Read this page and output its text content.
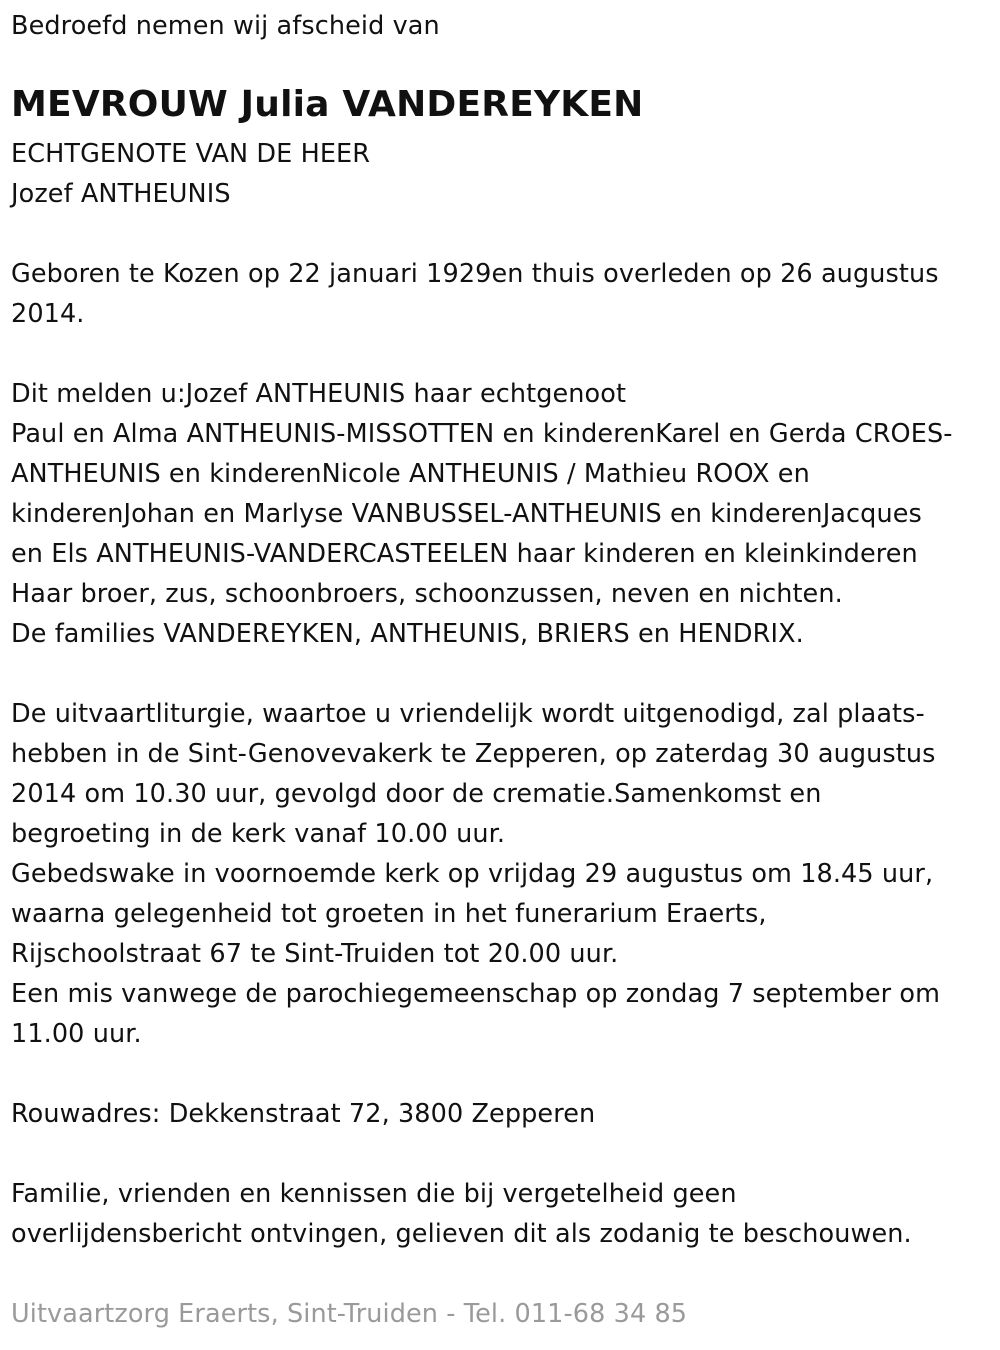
Bedroefd nemen wij afscheid van
MEVROUW Julia VANDEREYKEN
ECHTGENOTE VAN DE HEER
Jozef ANTHEUNIS
Geboren te Kozen op 22 januari 1929en thuis overleden op 26 augustus
2014.
Dit melden u:Jozef ANTHEUNIS haar echtgenoot
Paul en Alma ANTHEUNIS-MISSOTTEN en kinderenKarel en Gerda CROES-
ANTHEUNIS en kinderenNicole ANTHEUNIS / Mathieu ROOX en
kinderenJohan en Marlyse VANBUSSEL-ANTHEUNIS en kinderenJacques
en Els ANTHEUNIS-VANDERCASTEELEN haar kinderen en kleinkinderen
Haar broer, zus, schoonbroers, schoonzussen, neven en nichten.
De families VANDEREYKEN, ANTHEUNIS, BRIERS en HENDRIX.
De uitvaartliturgie, waartoe u vriendelijk wordt uitgenodigd, zal plaats-
hebben in de Sint-Genovevakerk te Zepperen, op zaterdag 30 augustus
2014 om 10.30 uur, gevolgd door de crematie.Samenkomst en
begroeting in de kerk vanaf 10.00 uur.
Gebedswake in voornoemde kerk op vrijdag 29 augustus om 18.45 uur,
waarna gelegenheid tot groeten in het funerarium Eraerts,
Rijschoolstraat 67 te Sint-Truiden tot 20.00 uur.
Een mis vanwege de parochiegemeenschap op zondag 7 september om
11.00 uur.
Rouwadres: Dekkenstraat 72, 3800 Zepperen
Familie, vrienden en kennissen die bij vergetelheid geen
overlijdensbericht ontvingen, gelieven dit als zodanig te beschouwen.
Uitvaartzorg Eraerts, Sint-Truiden - Tel. 011-68 34 85
